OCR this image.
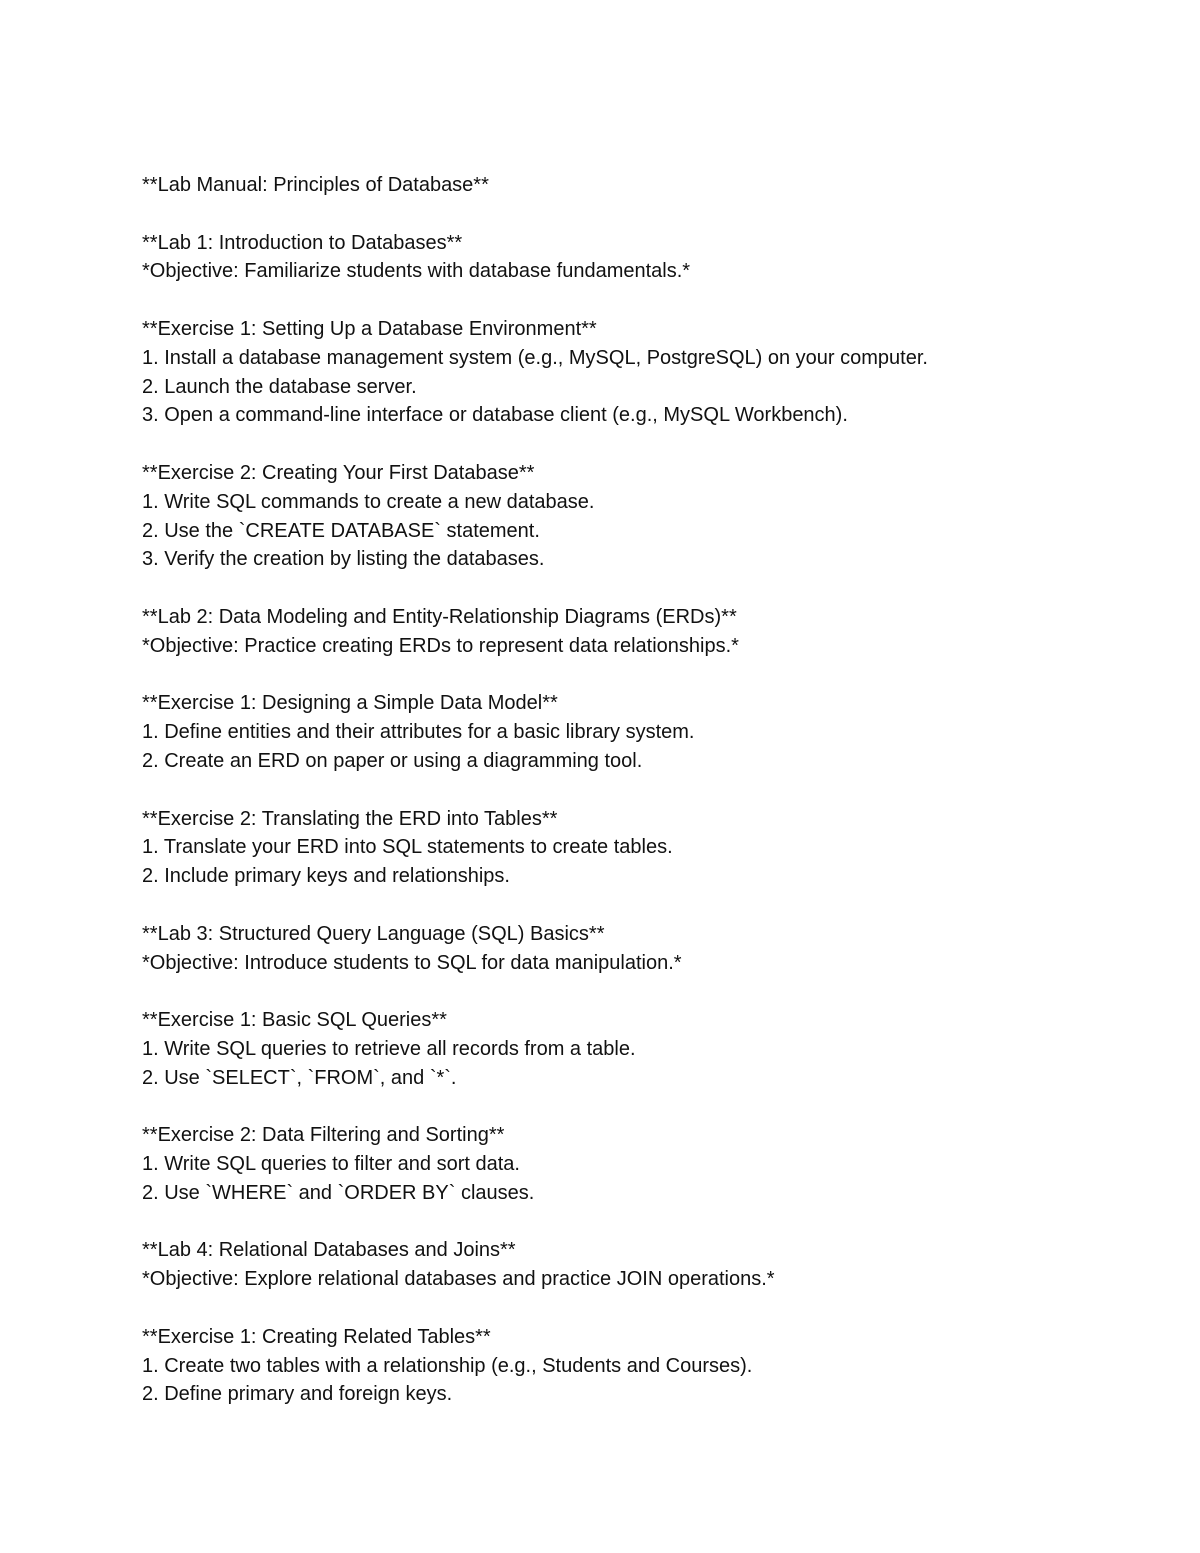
**Lab Manual: Principles of Database**
**Lab 1: Introduction to Databases**
*Objective: Familiarize students with database fundamentals.*
**Exercise 1: Setting Up a Database Environment**
1. Install a database management system (e.g., MySQL, PostgreSQL) on your computer.
2. Launch the database server.
3. Open a command-line interface or database client (e.g., MySQL Workbench).
**Exercise 2: Creating Your First Database**
1. Write SQL commands to create a new database.
2. Use the `CREATE DATABASE` statement.
3. Verify the creation by listing the databases.
**Lab 2: Data Modeling and Entity-Relationship Diagrams (ERDs)**
*Objective: Practice creating ERDs to represent data relationships.*
**Exercise 1: Designing a Simple Data Model**
1. Define entities and their attributes for a basic library system.
2. Create an ERD on paper or using a diagramming tool.
**Exercise 2: Translating the ERD into Tables**
1. Translate your ERD into SQL statements to create tables.
2. Include primary keys and relationships.
**Lab 3: Structured Query Language (SQL) Basics**
*Objective: Introduce students to SQL for data manipulation.*
**Exercise 1: Basic SQL Queries**
1. Write SQL queries to retrieve all records from a table.
2. Use `SELECT`, `FROM`, and `*`.
**Exercise 2: Data Filtering and Sorting**
1. Write SQL queries to filter and sort data.
2. Use `WHERE` and `ORDER BY` clauses.
**Lab 4: Relational Databases and Joins**
*Objective: Explore relational databases and practice JOIN operations.*
**Exercise 1: Creating Related Tables**
1. Create two tables with a relationship (e.g., Students and Courses).
2. Define primary and foreign keys.
